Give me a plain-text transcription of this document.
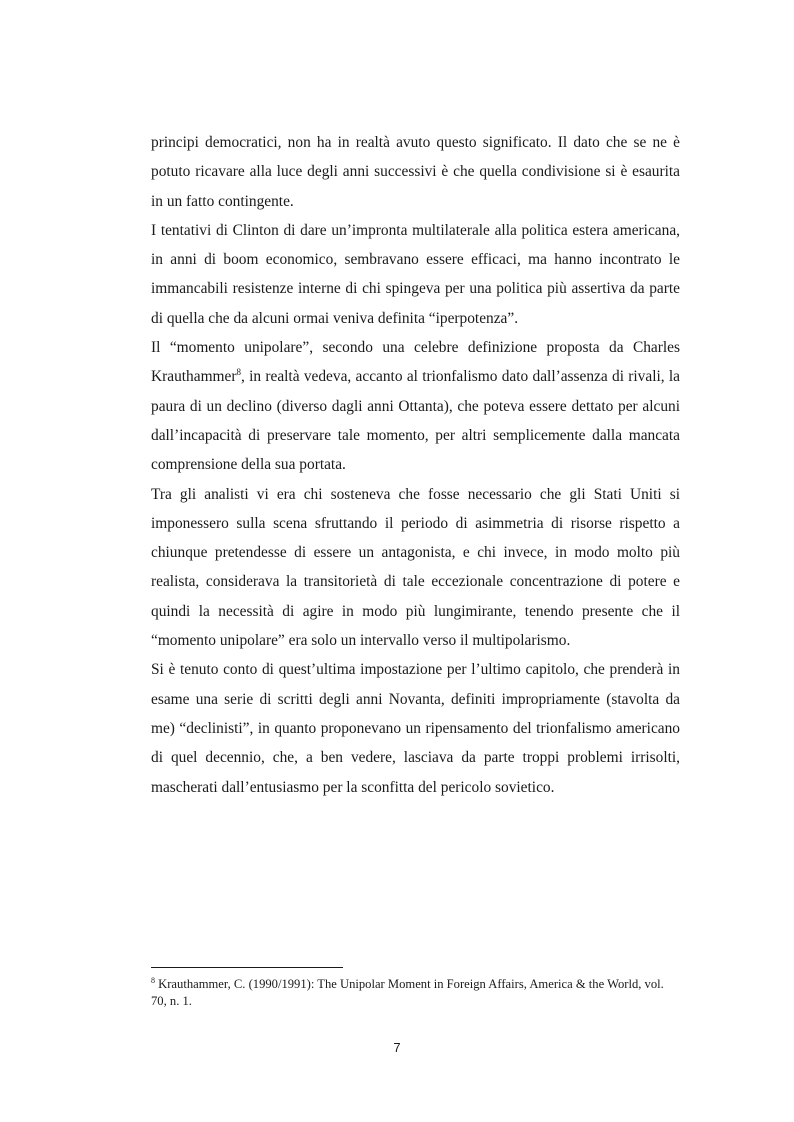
principi democratici, non ha in realtà avuto questo significato. Il dato che se ne è potuto ricavare alla luce degli anni successivi è che quella condivisione si è esaurita in un fatto contingente.

I tentativi di Clinton di dare un’impronta multilaterale alla politica estera americana, in anni di boom economico, sembravano essere efficaci, ma hanno incontrato le immancabili resistenze interne di chi spingeva per una politica più assertiva da parte di quella che da alcuni ormai veniva definita “iperpotenza”.

Il “momento unipolare”, secondo una celebre definizione proposta da Charles Krauthammer$^8$, in realtà vedeva, accanto al trionfalismo dato dall’assenza di rivali, la paura di un declino (diverso dagli anni Ottanta), che poteva essere dettato per alcuni dall’incapacità di preservare tale momento, per altri semplicemente dalla mancata comprensione della sua portata.

Tra gli analisti vi era chi sosteneva che fosse necessario che gli Stati Uniti si imponessero sulla scena sfruttando il periodo di asimmetria di risorse rispetto a chiunque pretendesse di essere un antagonista, e chi invece, in modo molto più realista, considerava la transitorietà di tale eccezionale concentrazione di potere e quindi la necessità di agire in modo più lungimirante, tenendo presente che il “momento unipolare” era solo un intervallo verso il multipolarismo.

Si è tenuto conto di quest’ultima impostazione per l’ultimo capitolo, che prenderà in esame una serie di scritti degli anni Novanta, definiti impropriamente (stavolta da me) “declinisti”, in quanto proponevano un ripensamento del trionfalismo americano di quel decennio, che, a ben vedere, lasciava da parte troppi problemi irrisolti, mascherati dall’entusiasmo per la sconfitta del pericolo sovietico.

$^8$ Krauthammer, C. (1990/1991): The Unipolar Moment in Foreign Affairs, America & the World, vol. 70, n. 1.

7
